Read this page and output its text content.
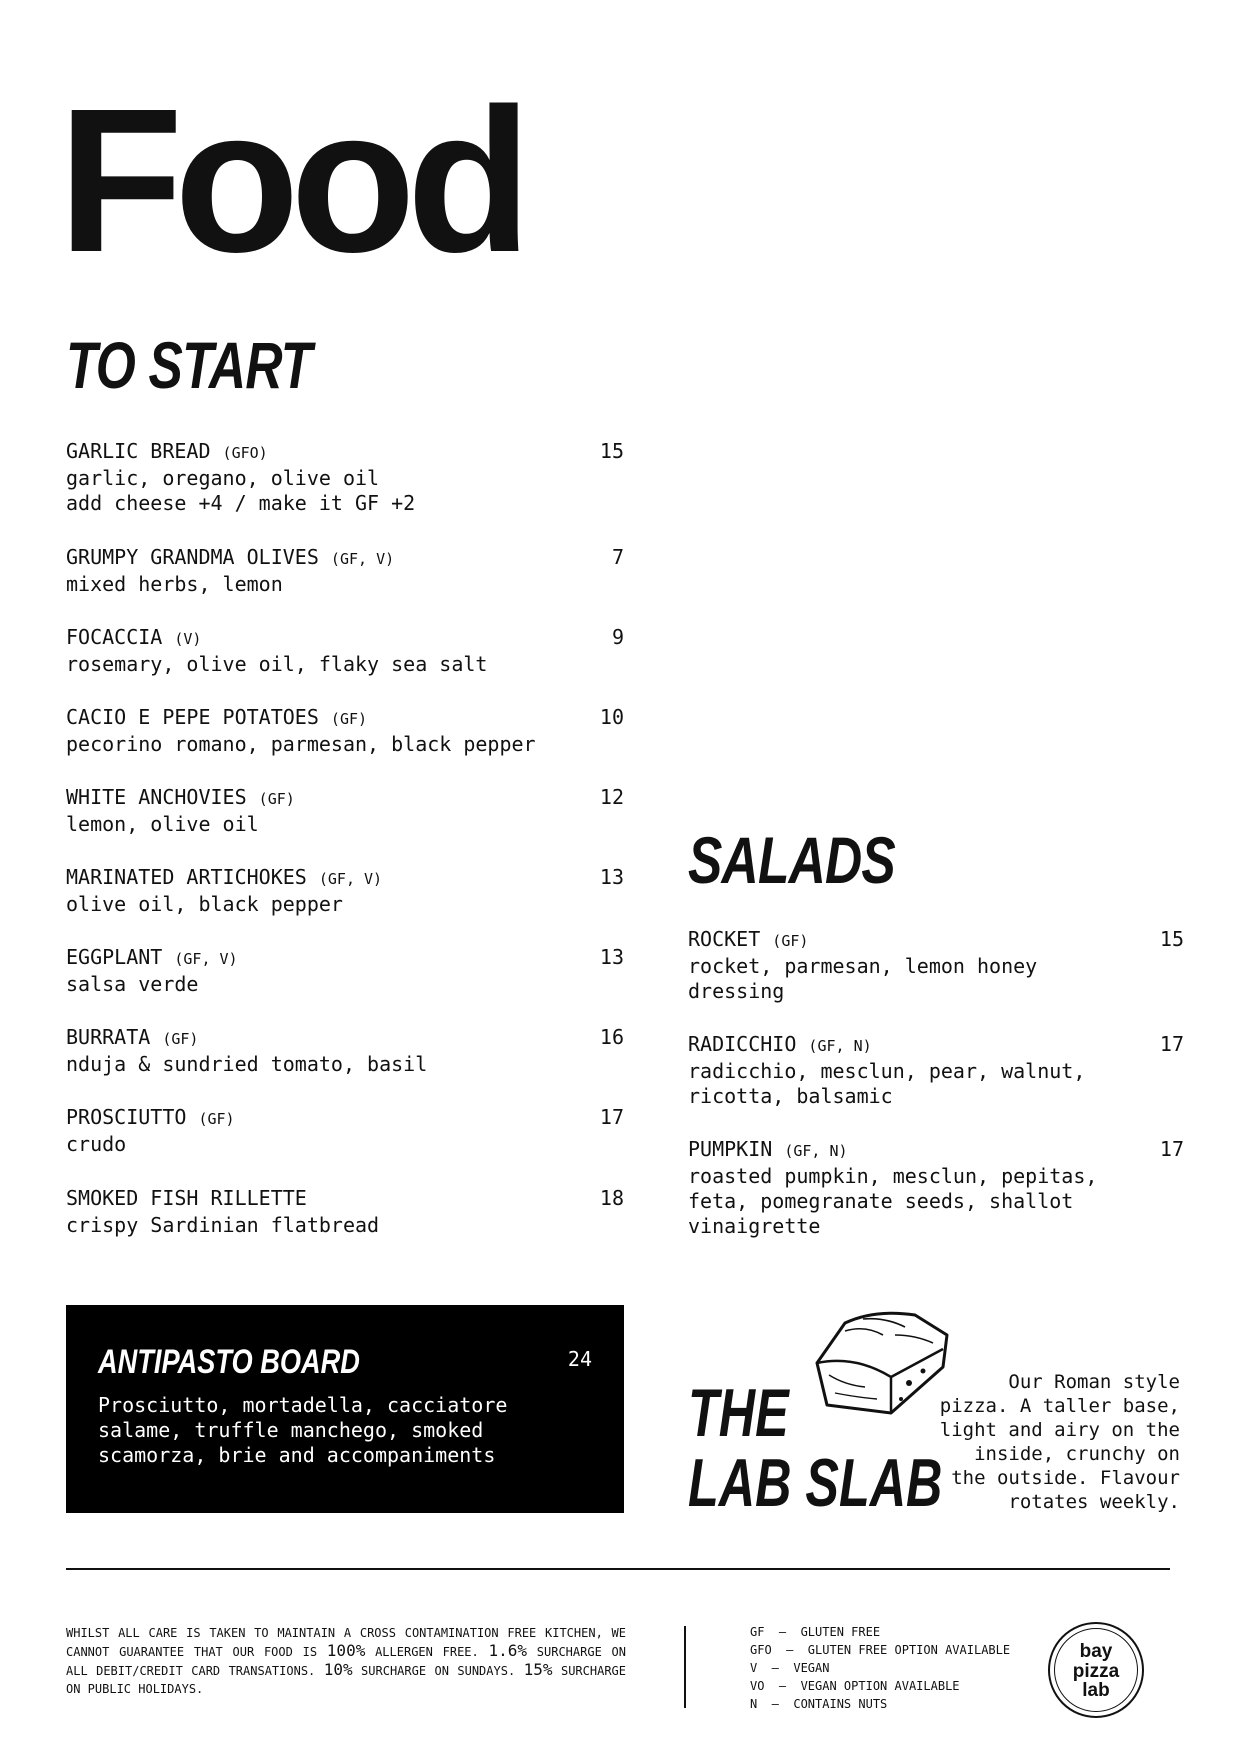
Food
TO START
GARLIC BREAD (GFO)	15
garlic, oregano, olive oil
add cheese +4 / make it GF +2
GRUMPY GRANDMA OLIVES (GF, V)	7
mixed herbs, lemon
FOCACCIA (V)	9
rosemary, olive oil, flaky sea salt
CACIO E PEPE POTATOES (GF)	10
pecorino romano, parmesan, black pepper
WHITE ANCHOVIES (GF)	12
lemon, olive oil
MARINATED ARTICHOKES (GF, V)	13
olive oil, black pepper
EGGPLANT (GF, V)	13
salsa verde
BURRATA (GF)	16
nduja & sundried tomato, basil
PROSCIUTTO (GF)	17
crudo
SMOKED FISH RILLETTE	18
crispy Sardinian flatbread
SALADS
ROCKET (GF)	15
rocket, parmesan, lemon honey
dressing
RADICCHIO (GF, N)	17
radicchio, mesclun, pear, walnut,
ricotta, balsamic
PUMPKIN (GF, N)	17
roasted pumpkin, mesclun, pepitas,
feta, pomegranate seeds, shallot
vinaigrette
ANTIPASTO BOARD	24
Prosciutto, mortadella, cacciatore
salame, truffle manchego, smoked
scamorza, brie and accompaniments
THE
LAB SLAB
Our Roman style
pizza. A taller base,
light and airy on the
inside, crunchy on
the outside. Flavour
rotates weekly.
WHILST ALL CARE IS TAKEN TO MAINTAIN A CROSS CONTAMINATION FREE KITCHEN, WE CANNOT GUARANTEE THAT OUR FOOD IS 100% ALLERGEN FREE. 1.6% SURCHARGE ON ALL DEBIT/CREDIT CARD TRANSATIONS. 10% SURCHARGE ON SUNDAYS. 15% SURCHARGE ON PUBLIC HOLIDAYS.
GF  —  GLUTEN FREE
GFO  —  GLUTEN FREE OPTION AVAILABLE
V  —  VEGAN
VO  —  VEGAN OPTION AVAILABLE
N  —  CONTAINS NUTS
bay
pizza
lab
